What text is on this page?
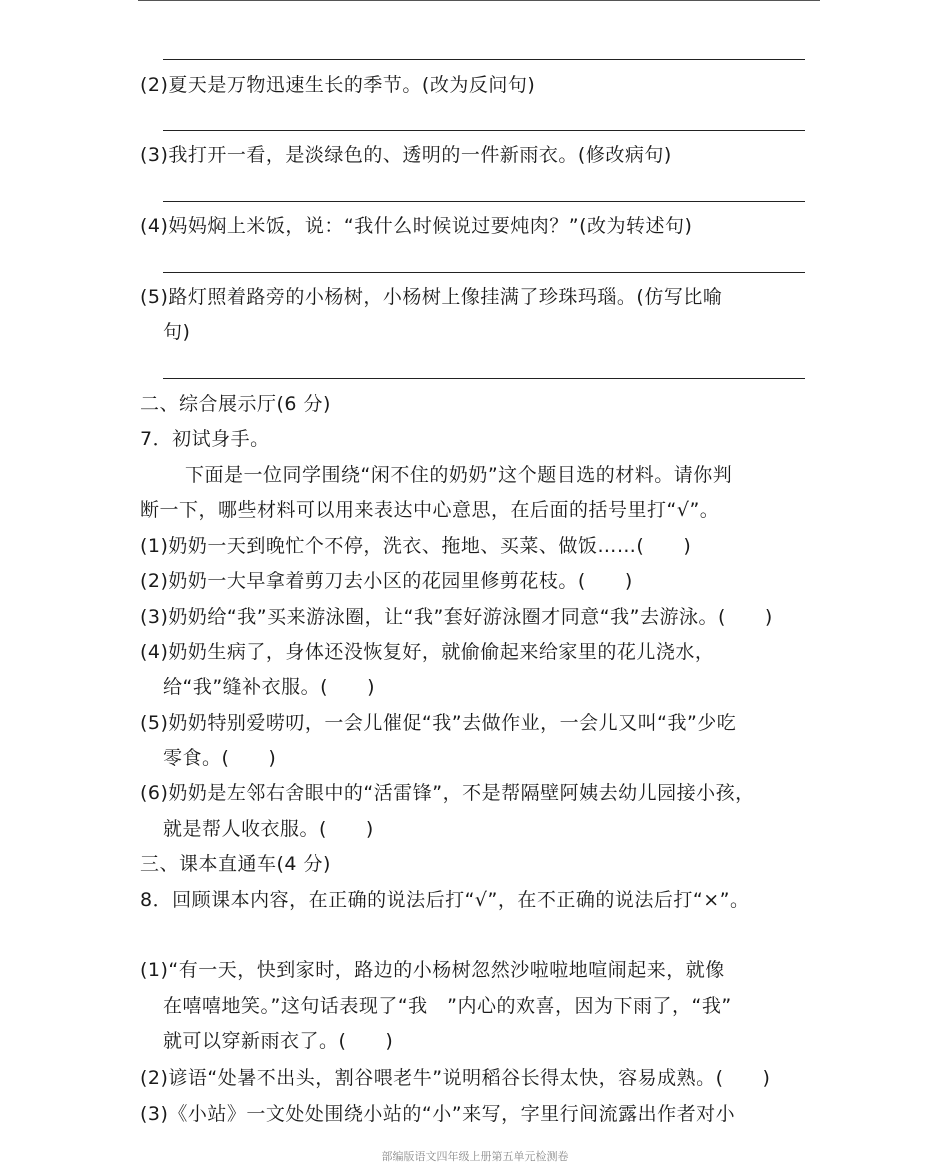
(2)夏天是万物迅速生长的季节。(改为反问句)
(3)我打开一看，是淡绿色的、透明的一件新雨衣。(修改病句)
(4)妈妈焖上米饭，说：“我什么时候说过要炖肉？”(改为转述句)
(5)路灯照着路旁的小杨树，小杨树上像挂满了珍珠玛瑙。(仿写比喻
句)
二、综合展示厅(6 分)
7．初试身手。
下面是一位同学围绕“闲不住的奶奶”这个题目选的材料。请你判
断一下，哪些材料可以用来表达中心意思，在后面的括号里打“√”。
(1)奶奶一天到晚忙个不停，洗衣、拖地、买菜、做饭……(　　)
(2)奶奶一大早拿着剪刀去小区的花园里修剪花枝。(　　)
(3)奶奶给“我”买来游泳圈，让“我”套好游泳圈才同意“我”去游泳。(　　)
(4)奶奶生病了，身体还没恢复好，就偷偷起来给家里的花儿浇水，
给“我”缝补衣服。(　　)
(5)奶奶特别爱唠叨，一会儿催促“我”去做作业，一会儿又叫“我”少吃
零食。(　　)
(6)奶奶是左邻右舍眼中的“活雷锋”，不是帮隔壁阿姨去幼儿园接小孩，
就是帮人收衣服。(　　)
三、课本直通车(4 分)
8．回顾课本内容，在正确的说法后打“√”，在不正确的说法后打“×”。
(1)“有一天，快到家时，路边的小杨树忽然沙啦啦地喧闹起来，就像
在嘻嘻地笑。”这句话表现了“我　”内心的欢喜，因为下雨了，“我”
就可以穿新雨衣了。(　　)
(2)谚语“处暑不出头，割谷喂老牛”说明稻谷长得太快，容易成熟。(　　)
(3)《小站》一文处处围绕小站的“小”来写，字里行间流露出作者对小
部编版语文四年级上册第五单元检测卷
